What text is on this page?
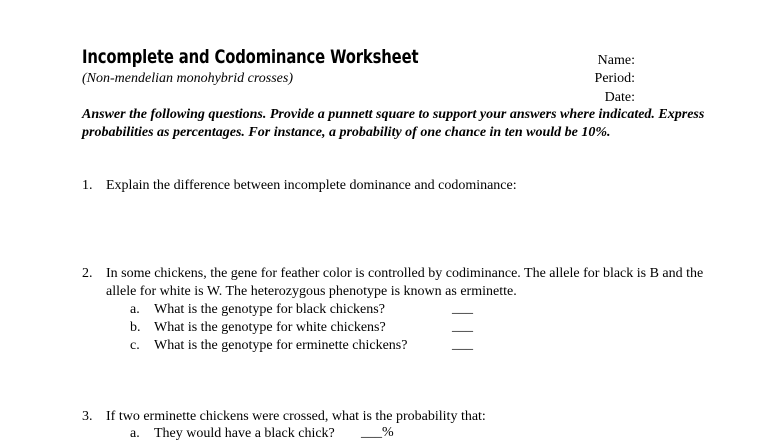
Incomplete and Codominance Worksheet
(Non-mendelian monohybrid crosses)
Name:
Period:
Date:
Answer the following questions. Provide a punnett square to support your answers where indicated. Express probabilities as percentages. For instance, a probability of one chance in ten would be 10%.
1. Explain the difference between incomplete dominance and codominance:
2. In some chickens, the gene for feather color is controlled by codiminance. The allele for black is B and the allele for white is W. The heterozygous phenotype is known as erminette.
a. What is the genotype for black chickens?	___
b. What is the genotype for white chickens?	___
c. What is the genotype for erminette chickens?	___
3. If two erminette chickens were crossed, what is the probability that:
a. They would have a black chick? ___%
